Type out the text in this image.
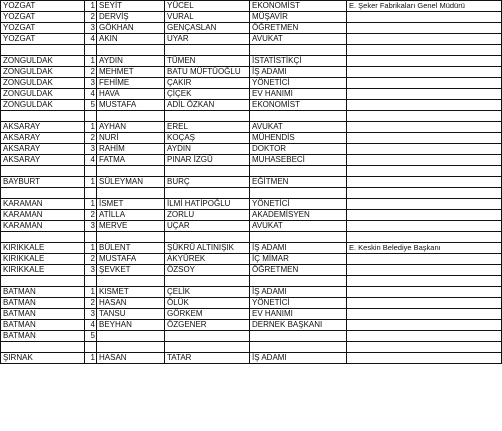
YOZGAT	1	SEYİT	YÜCEL	EKONOMİST	E. Şeker Fabrikaları Genel Müdürü
YOZGAT	2	DERVİŞ	VURAL	MÜŞAVİR	
YOZGAT	3	GÖKHAN	GENÇASLAN	ÖĞRETMEN	
YOZGAT	4	AKIN	UYAR	AVUKAT	

ZONGULDAK	1	AYDIN	TÜMEN	İSTATİSTİKÇİ	
ZONGULDAK	2	MEHMET	BATU MÜFTÜOĞLU	İŞ ADAMI	
ZONGULDAK	3	FEHİME	ÇAKIR	YÖNETİCİ	
ZONGULDAK	4	HAVA	ÇİÇEK	EV HANIMI	
ZONGULDAK	5	MUSTAFA	ADİL ÖZKAN	EKONOMİST	

AKSARAY	1	AYHAN	EREL	AVUKAT	
AKSARAY	2	NURİ	KOÇAŞ	MÜHENDİS	
AKSARAY	3	RAHİM	AYDIN	DOKTOR	
AKSARAY	4	FATMA	PINAR İZGÜ	MUHASEBECİ	

BAYBURT	1	SÜLEYMAN	BURÇ	EĞİTMEN	

KARAMAN	1	İSMET	İLMİ HATİPOĞLU	YÖNETİCİ	
KARAMAN	2	ATİLLA	ZORLU	AKADEMİSYEN	
KARAMAN	3	MERVE	UÇAR	AVUKAT	

KIRIKKALE	1	BÜLENT	ŞÜKRÜ ALTINIŞIK	İŞ ADAMI	E. Keskin Belediye Başkanı
KIRIKKALE	2	MUSTAFA	AKYÜREK	İÇ MİMAR	
KIRIKKALE	3	ŞEVKET	ÖZSOY	ÖĞRETMEN	

BATMAN	1	KISMET	ÇELİK	İŞ ADAMI	
BATMAN	2	HASAN	ÖLÜK	YÖNETİCİ	
BATMAN	3	TANSU	GÖRKEM	EV HANIMI	
BATMAN	4	BEYHAN	ÖZGENER	DERNEK BAŞKANI	
BATMAN	5				

ŞIRNAK	1	HASAN	TATAR	İŞ ADAMI	
